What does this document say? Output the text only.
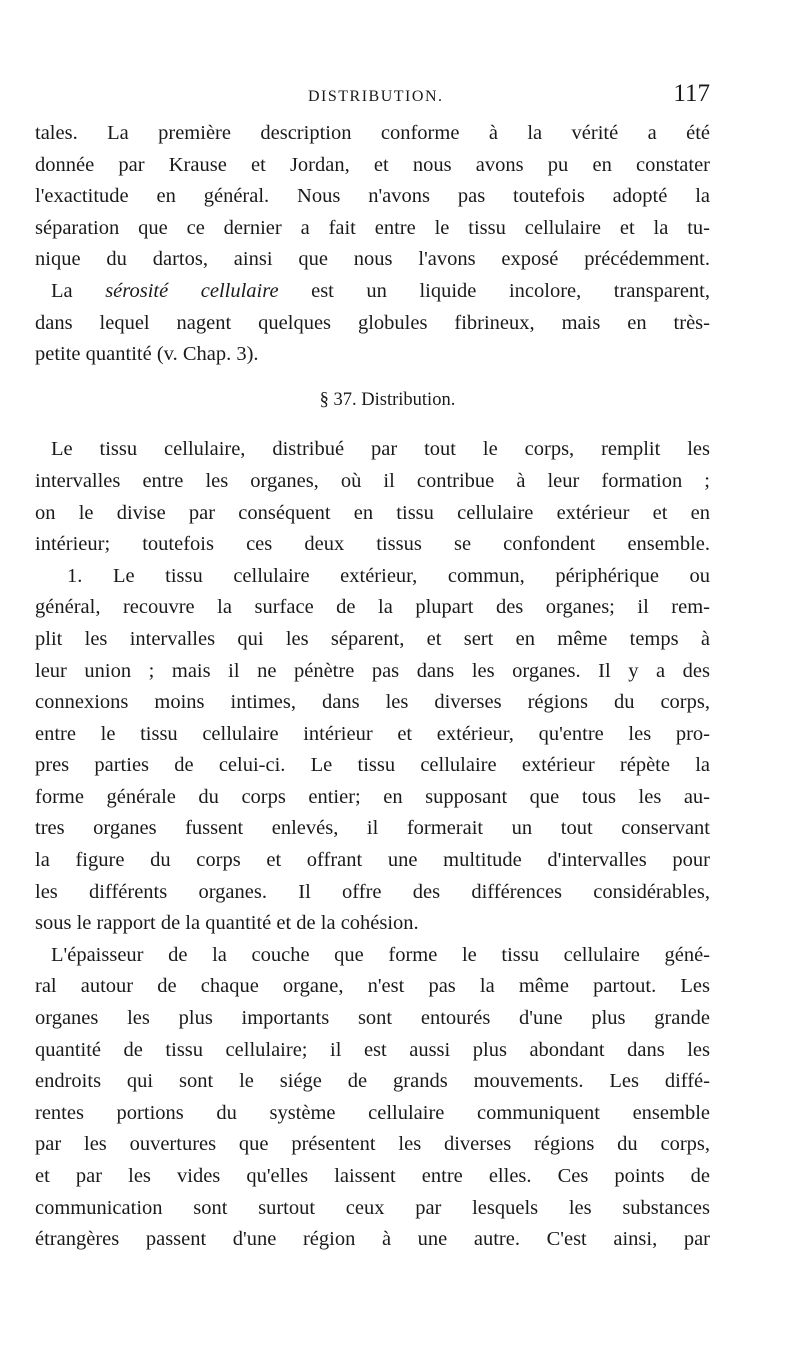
DISTRIBUTION.	117
tales. La première description conforme à la vérité a été
donnée par Krause et Jordan, et nous avons pu en constater
l'exactitude en général. Nous n'avons pas toutefois adopté la
séparation que ce dernier a fait entre le tissu cellulaire et la tu-
nique du dartos, ainsi que nous l'avons exposé précédemment.
La sérosité cellulaire est un liquide incolore, transparent,
dans lequel nagent quelques globules fibrineux, mais en très-
petite quantité (v. Chap. 3).
§ 37. Distribution.
Le tissu cellulaire, distribué par tout le corps, remplit les
intervalles entre les organes, où il contribue à leur formation ;
on le divise par conséquent en tissu cellulaire extérieur et en
intérieur; toutefois ces deux tissus se confondent ensemble.
1. Le tissu cellulaire extérieur, commun, périphérique ou
général, recouvre la surface de la plupart des organes; il rem-
plit les intervalles qui les séparent, et sert en même temps à
leur union ; mais il ne pénètre pas dans les organes. Il y a des
connexions moins intimes, dans les diverses régions du corps,
entre le tissu cellulaire intérieur et extérieur, qu'entre les pro-
pres parties de celui-ci. Le tissu cellulaire extérieur répète la
forme générale du corps entier; en supposant que tous les au-
tres organes fussent enlevés, il formerait un tout conservant
la figure du corps et offrant une multitude d'intervalles pour
les différents organes. Il offre des différences considérables,
sous le rapport de la quantité et de la cohésion.
L'épaisseur de la couche que forme le tissu cellulaire géné-
ral autour de chaque organe, n'est pas la même partout. Les
organes les plus importants sont entourés d'une plus grande
quantité de tissu cellulaire; il est aussi plus abondant dans les
endroits qui sont le siége de grands mouvements. Les diffé-
rentes portions du système cellulaire communiquent ensemble
par les ouvertures que présentent les diverses régions du corps,
et par les vides qu'elles laissent entre elles. Ces points de
communication sont surtout ceux par lesquels les substances
étrangères passent d'une région à une autre. C'est ainsi, par
